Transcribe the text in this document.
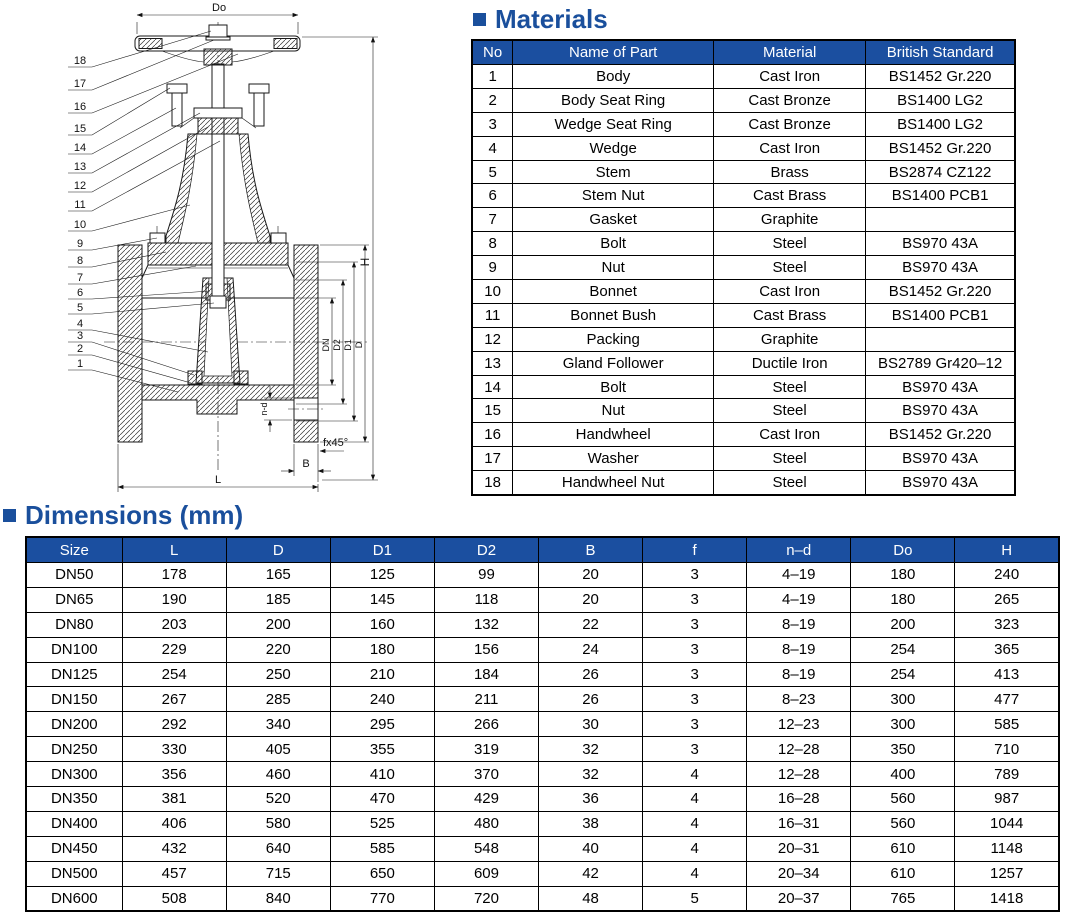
Do
H
DN D2 D1 D
n-d
fx45°
B
L
18
17
16
15
14
13
12
11
10
9
8
7
6
5
4
3
2
1
Materials
No	Name of Part	Material	British Standard
1	Body	Cast Iron	BS1452 Gr.220
2	Body Seat Ring	Cast Bronze	BS1400 LG2
3	Wedge Seat Ring	Cast Bronze	BS1400 LG2
4	Wedge	Cast Iron	BS1452 Gr.220
5	Stem	Brass	BS2874 CZ122
6	Stem Nut	Cast Brass	BS1400 PCB1
7	Gasket	Graphite	
8	Bolt	Steel	BS970 43A
9	Nut	Steel	BS970 43A
10	Bonnet	Cast Iron	BS1452 Gr.220
11	Bonnet Bush	Cast Brass	BS1400 PCB1
12	Packing	Graphite	
13	Gland Follower	Ductile Iron	BS2789 Gr420–12
14	Bolt	Steel	BS970 43A
15	Nut	Steel	BS970 43A
16	Handwheel	Cast Iron	BS1452 Gr.220
17	Washer	Steel	BS970 43A
18	Handwheel Nut	Steel	BS970 43A
Dimensions (mm)
Size	L	D	D1	D2	B	f	n–d	Do	H
DN50	178	165	125	99	20	3	4–19	180	240
DN65	190	185	145	118	20	3	4–19	180	265
DN80	203	200	160	132	22	3	8–19	200	323
DN100	229	220	180	156	24	3	8–19	254	365
DN125	254	250	210	184	26	3	8–19	254	413
DN150	267	285	240	211	26	3	8–23	300	477
DN200	292	340	295	266	30	3	12–23	300	585
DN250	330	405	355	319	32	3	12–28	350	710
DN300	356	460	410	370	32	4	12–28	400	789
DN350	381	520	470	429	36	4	16–28	560	987
DN400	406	580	525	480	38	4	16–31	560	1044
DN450	432	640	585	548	40	4	20–31	610	1148
DN500	457	715	650	609	42	4	20–34	610	1257
DN600	508	840	770	720	48	5	20–37	765	1418
